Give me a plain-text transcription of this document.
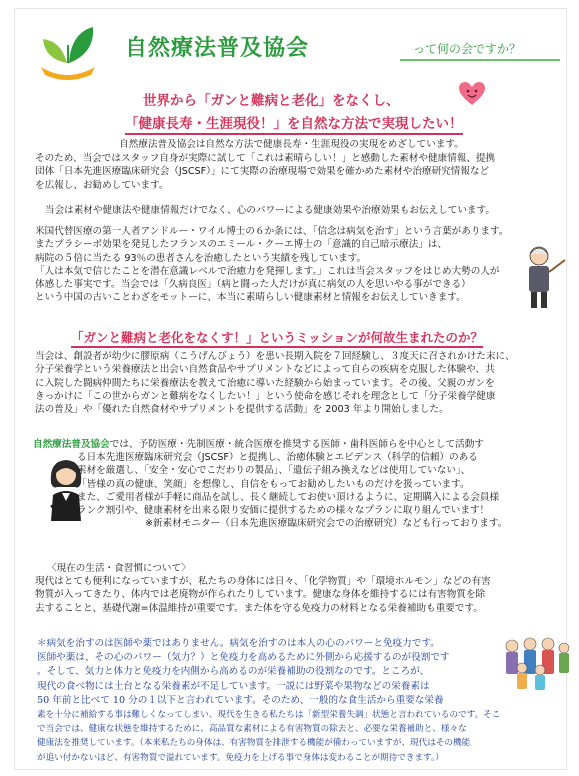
自然療法普及協会	って何の会ですか？
世界から「ガンと難病と老化」をなくし、
「健康長寿・生涯現役！」を自然な方法で実現したい！
自然療法普及協会は自然な方法で健康長寿・生涯現役の実現をめざしています。
そのため、当会ではスタッフ自身が実際に試して「これは素晴らしい！」と感動した素材や健康情報、提携
団体「日本先進医療臨床研究会（JSCSF）」にて実際の治療現場で効果を確かめた素材や治療研究情報など
を広報し、お勧めしています。
当会は素材や健康法や健康情報だけでなく、心のパワーによる健康効果や治療効果もお伝えしています。
米国代替医療の第一人者アンドルー・ワイル博士の６か条には、「信念は病気を治す」という言葉があります。
またプラシーボ効果を発見したフランスのエミール・クーエ博士の「意識的自己暗示療法」は、
病院の５倍に当たる 93％の患者さんを治癒したという実績を残しています。
「人は本気で信じたことを潜在意識レベルで治癒力を発揮します。」これは当会スタッフをはじめ大勢の人が
体感した事実です。当会では「久病良医」（病と闘った人だけが真に病気の人を思いやる事ができる）
という中国の古いことわざをモットーに、本当に素晴らしい健康素材と情報をお伝えしていきます。
「ガンと難病と老化をなくす！」というミッションが何故生まれたのか？
当会は、創設者が幼少に膠原病（こうげんびょう）を患い長期入院を７回経験し、３度天に召されかけた末に、
分子栄養学という栄養療法と出会い自然食品やサプリメントなどによって自らの疾病を克服した体験や、共
に入院した闘病仲間たちに栄養療法を教えて治癒に導いた経験から始まっています。その後、父親のガンを
きっかけに「この世からガンと難病をなくしたい！」という使命を感じそれを理念として「分子栄養学健康
法の普及」や「優れた自然食材やサプリメントを提供する活動」を 2003 年より開始しました。
自然療法普及協会では、予防医療・先制医療・統合医療を推奨する医師・歯科医師らを中心として活動す
る日本先進医療臨床研究会（JSCSF）と提携し、治癒体験とエビデンス（科学的信頼）のある
素材を厳選し、「安全・安心でこだわりの製品」、「遺伝子組み換えなどは使用していない」、
「皆様の真の健康、笑顔」を想像し、自信をもってお勧めしたいものだけを扱っています。
また、ご愛用者様が手軽に商品を試し、長く継続してお使い頂けるように、定期購入による会員様
ランク割引や、健康素材を出来る限り安価に提供するための様々なプランに取り組んでいます！
※新素材モニター（日本先進医療臨床研究会での治療研究）なども行っております。
〈現在の生活・食習慣について〉
現代はとても便利になっていますが、私たちの身体には日々、「化学物質」や「環境ホルモン」などの有害
物質が入ってきたり、体内では老廃物が作られたりしています。健康な身体を維持するには有害物質を除
去することと、基礎代謝=体温維持が重要です。また体を守る免疫力の材料となる栄養補助も重要です。
＊病気を治すのは医師や薬ではありません。病気を治すのは本人の心のパワーと免疫力です。
医師や薬は、その心のパワー（気力？）と免疫力を高めるために外側から応援するのが役割です
。そして、気力と体力と免疫力を内側から高めるのが栄養補助の役割なのです。ところが、
現代の食べ物には土台となる栄養素が不足しています。一説には野菜や果物などの栄養素は
50 年前と比べて 10 分の１以下と言われています。そのため、一般的な食生活から重要な栄養
素を十分に補給する事は難しくなってしまい、現代を生きる私たちは「新型栄養失調」状態と言われているのです。そこ
で当会では、健康な状態を維持するために、高品質な素材による有害物質の除去と、必要な栄養補助と、様々な
健康法を推奨しています。（本来私たちの身体は、有害物質を排泄する機能が備わっていますが、現代はその機能
が追い付かないほど、有害物質で溢れています。免疫力を上げる事で身体は変わることが期待できます。）
